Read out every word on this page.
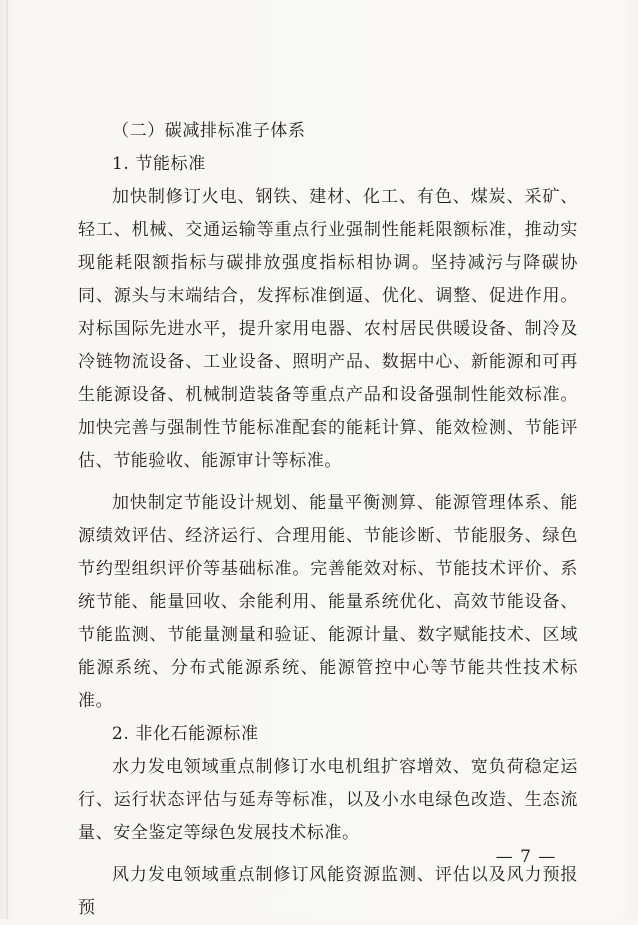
（二）碳减排标准子体系

1. 节能标准

加快制修订火电、钢铁、建材、化工、有色、煤炭、采矿、轻工、机械、交通运输等重点行业强制性能耗限额标准，推动实现能耗限额指标与碳排放强度指标相协调。坚持减污与降碳协同、源头与末端结合，发挥标准倒逼、优化、调整、促进作用。对标国际先进水平，提升家用电器、农村居民供暖设备、制冷及冷链物流设备、工业设备、照明产品、数据中心、新能源和可再生能源设备、机械制造装备等重点产品和设备强制性能效标准。加快完善与强制性节能标准配套的能耗计算、能效检测、节能评估、节能验收、能源审计等标准。

加快制定节能设计规划、能量平衡测算、能源管理体系、能源绩效评估、经济运行、合理用能、节能诊断、节能服务、绿色节约型组织评价等基础标准。完善能效对标、节能技术评价、系统节能、能量回收、余能利用、能量系统优化、高效节能设备、节能监测、节能量测量和验证、能源计量、数字赋能技术、区域能源系统、分布式能源系统、能源管控中心等节能共性技术标准。

2. 非化石能源标准

水力发电领域重点制修订水电机组扩容增效、宽负荷稳定运行、运行状态评估与延寿等标准，以及小水电绿色改造、生态流量、安全鉴定等绿色发展技术标准。

风力发电领域重点制修订风能资源监测、评估以及风力预报预

— 7 —
